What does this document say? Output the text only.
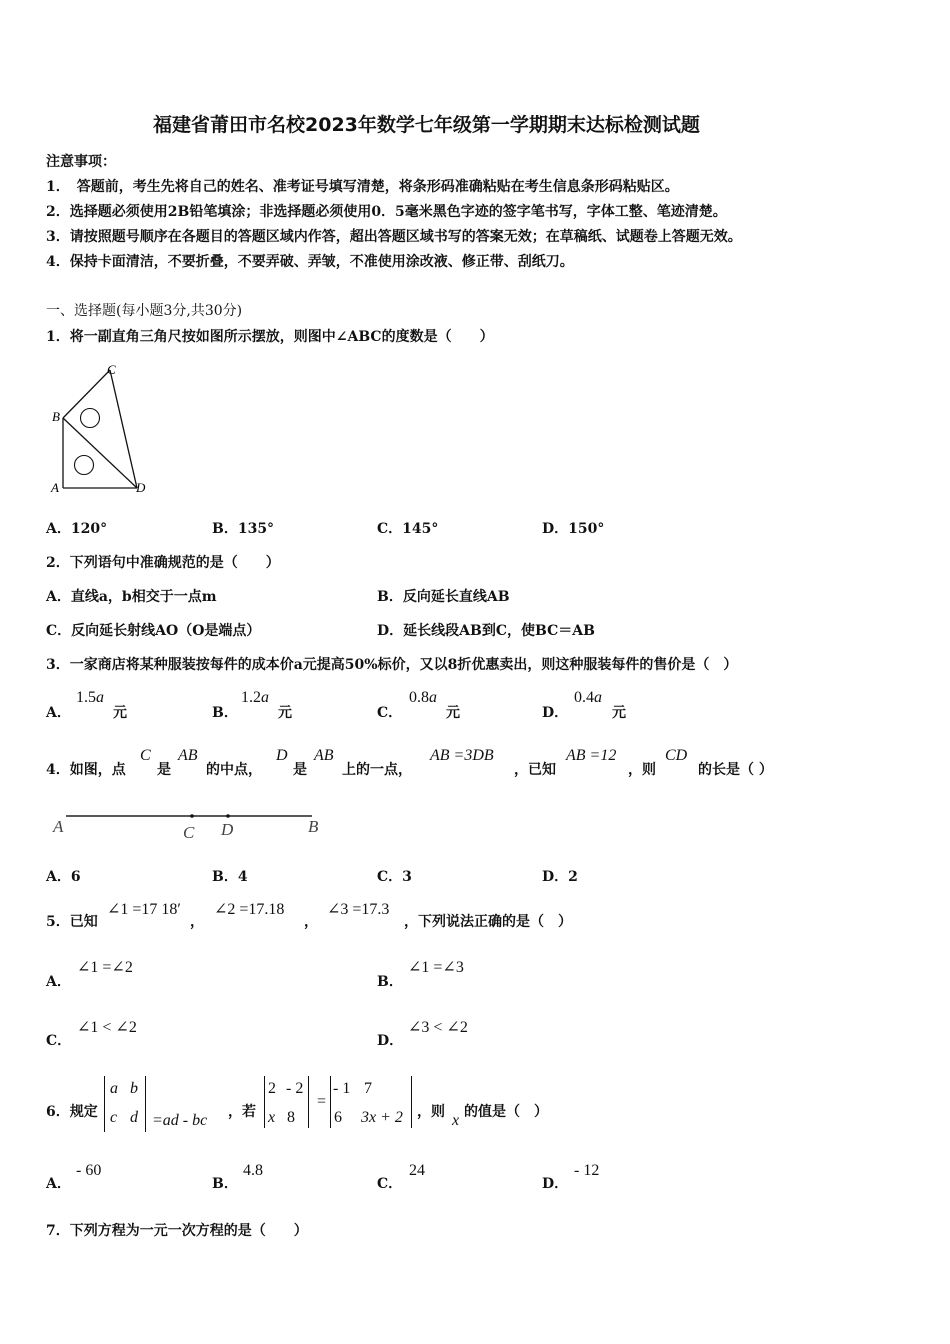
福建省莆田市名校2023年数学七年级第一学期期末达标检测试题
注意事项：
1．　答题前，考生先将自己的姓名、准考证号填写清楚，将条形码准确粘贴在考生信息条形码粘贴区。
2．选择题必须使用2B铅笔填涂；非选择题必须使用0．5毫米黑色字迹的签字笔书写，字体工整、笔迹清楚。
3．请按照题号顺序在各题目的答题区域内作答，超出答题区域书写的答案无效；在草稿纸、试题卷上答题无效。
4．保持卡面清洁，不要折叠，不要弄破、弄皱，不准使用涂改液、修正带、刮纸刀。
一、选择题(每小题3分,共30分)
1．将一副直角三角尺按如图所示摆放，则图中∠ABC的度数是（　　）
C
B
A	D
A．120°	B．135°	C．145°	D．150°
2．下列语句中准确规范的是（　　）
A．直线a，b相交于一点m	B．反向延长直线AB
C．反向延长射线AO（O是端点）	D．延长线段AB到C，使BC＝AB
3．一家商店将某种服装按每件的成本价a元提高50%标价，又以8折优惠卖出，则这种服装每件的售价是（　）
A．
1.5a
元	B．
1.2a
元	C．
0.8a
元	D．
0.4a
元
4．如图，点
C
是
AB
的中点，
D
是
AB
上的一点，
AB =3DB
，已知
AB =12
，则
CD
的长是（ ）
A	C D	B
A．6	B．4	C．3	D．2
5．已知
∠1 =17 18′
，
∠2 =17.18
，
∠3 =17.3
，下列说法正确的是（　）
A．
∠1 =∠2
B．
∠1 =∠3
C．
∠1 < ∠2
D．
∠3 < ∠2
6．规定
a b
c d =ad - bc ，若
2 - 2
x 8
=
- 1 7
6 3x + 2 ，则 x 的值是（　）
A．
- 60
B．
4.8
C．
24
D．
- 12
7．下列方程为一元一次方程的是（　　）
